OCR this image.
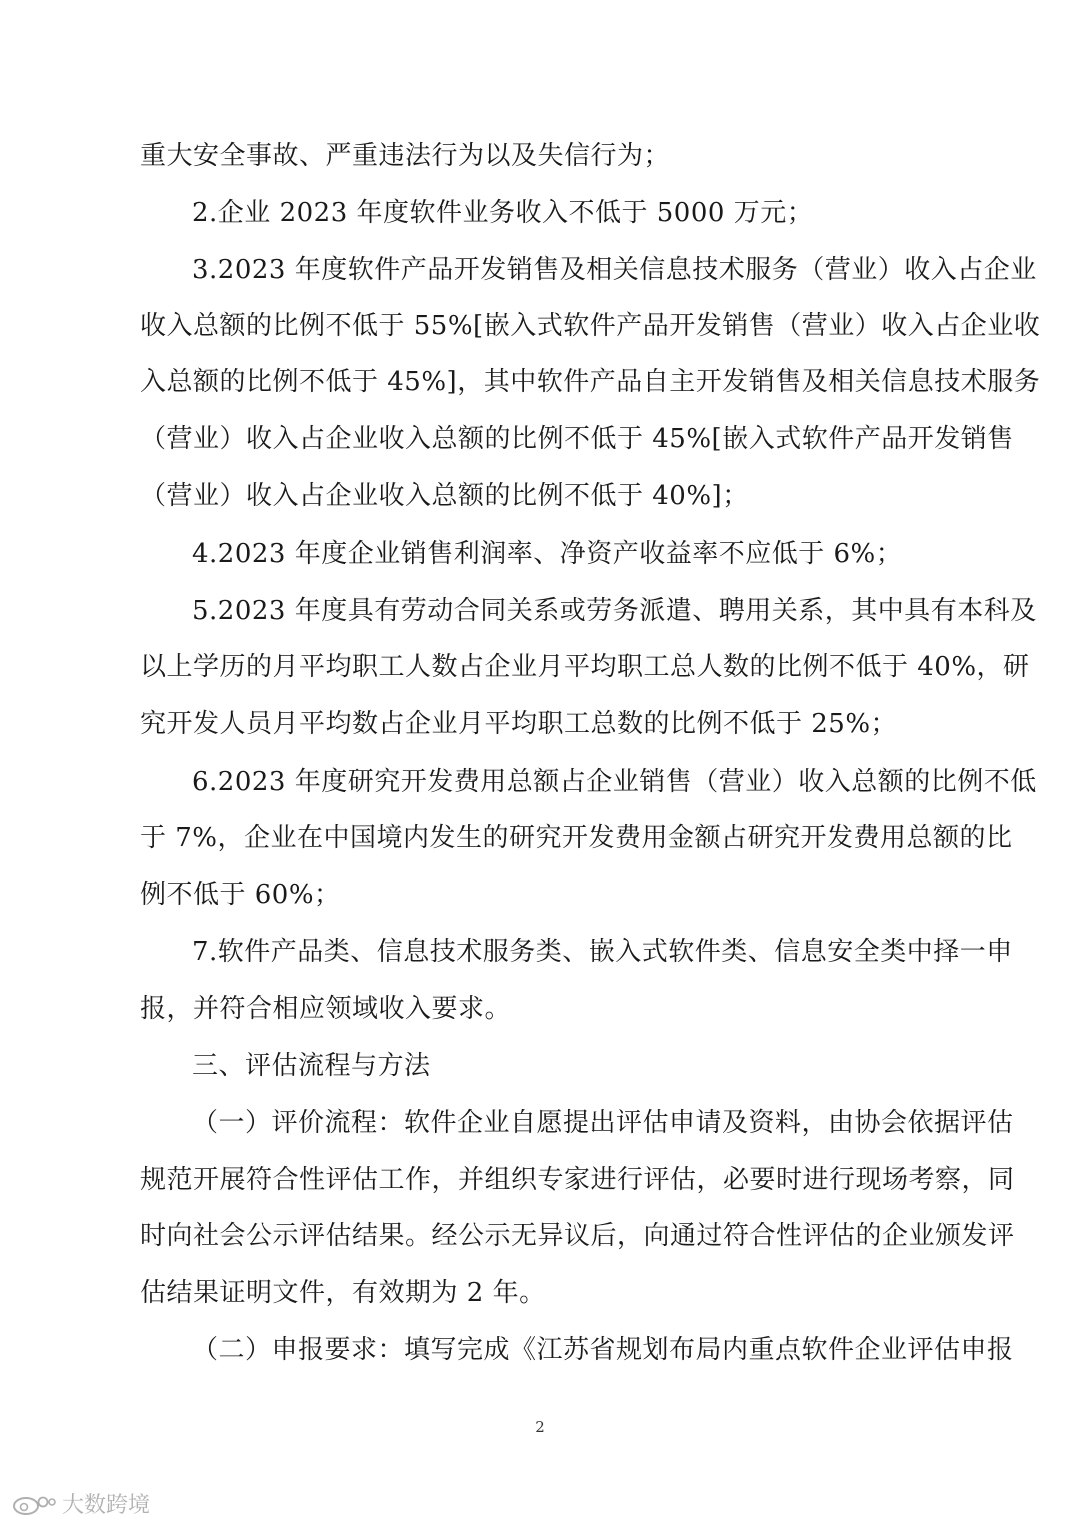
重大安全事故、严重违法行为以及失信行为；
2.企业 2023 年度软件业务收入不低于 5000 万元；
3.2023 年度软件产品开发销售及相关信息技术服务（营业）收入占企业
收入总额的比例不低于 55%[嵌入式软件产品开发销售（营业）收入占企业收
入总额的比例不低于 45%]，其中软件产品自主开发销售及相关信息技术服务
（营业）收入占企业收入总额的比例不低于 45%[嵌入式软件产品开发销售
（营业）收入占企业收入总额的比例不低于 40%]；
4.2023 年度企业销售利润率、净资产收益率不应低于 6%；
5.2023 年度具有劳动合同关系或劳务派遣、聘用关系，其中具有本科及
以上学历的月平均职工人数占企业月平均职工总人数的比例不低于 40%，研
究开发人员月平均数占企业月平均职工总数的比例不低于 25%；
6.2023 年度研究开发费用总额占企业销售（营业）收入总额的比例不低
于 7%，企业在中国境内发生的研究开发费用金额占研究开发费用总额的比
例不低于 60%；
7.软件产品类、信息技术服务类、嵌入式软件类、信息安全类中择一申
报，并符合相应领域收入要求。
三、评估流程与方法
（一）评价流程：软件企业自愿提出评估申请及资料，由协会依据评估
规范开展符合性评估工作，并组织专家进行评估，必要时进行现场考察，同
时向社会公示评估结果。经公示无异议后，向通过符合性评估的企业颁发评
估结果证明文件，有效期为 2 年。
（二）申报要求：填写完成《江苏省规划布局内重点软件企业评估申报
2
大数跨境
